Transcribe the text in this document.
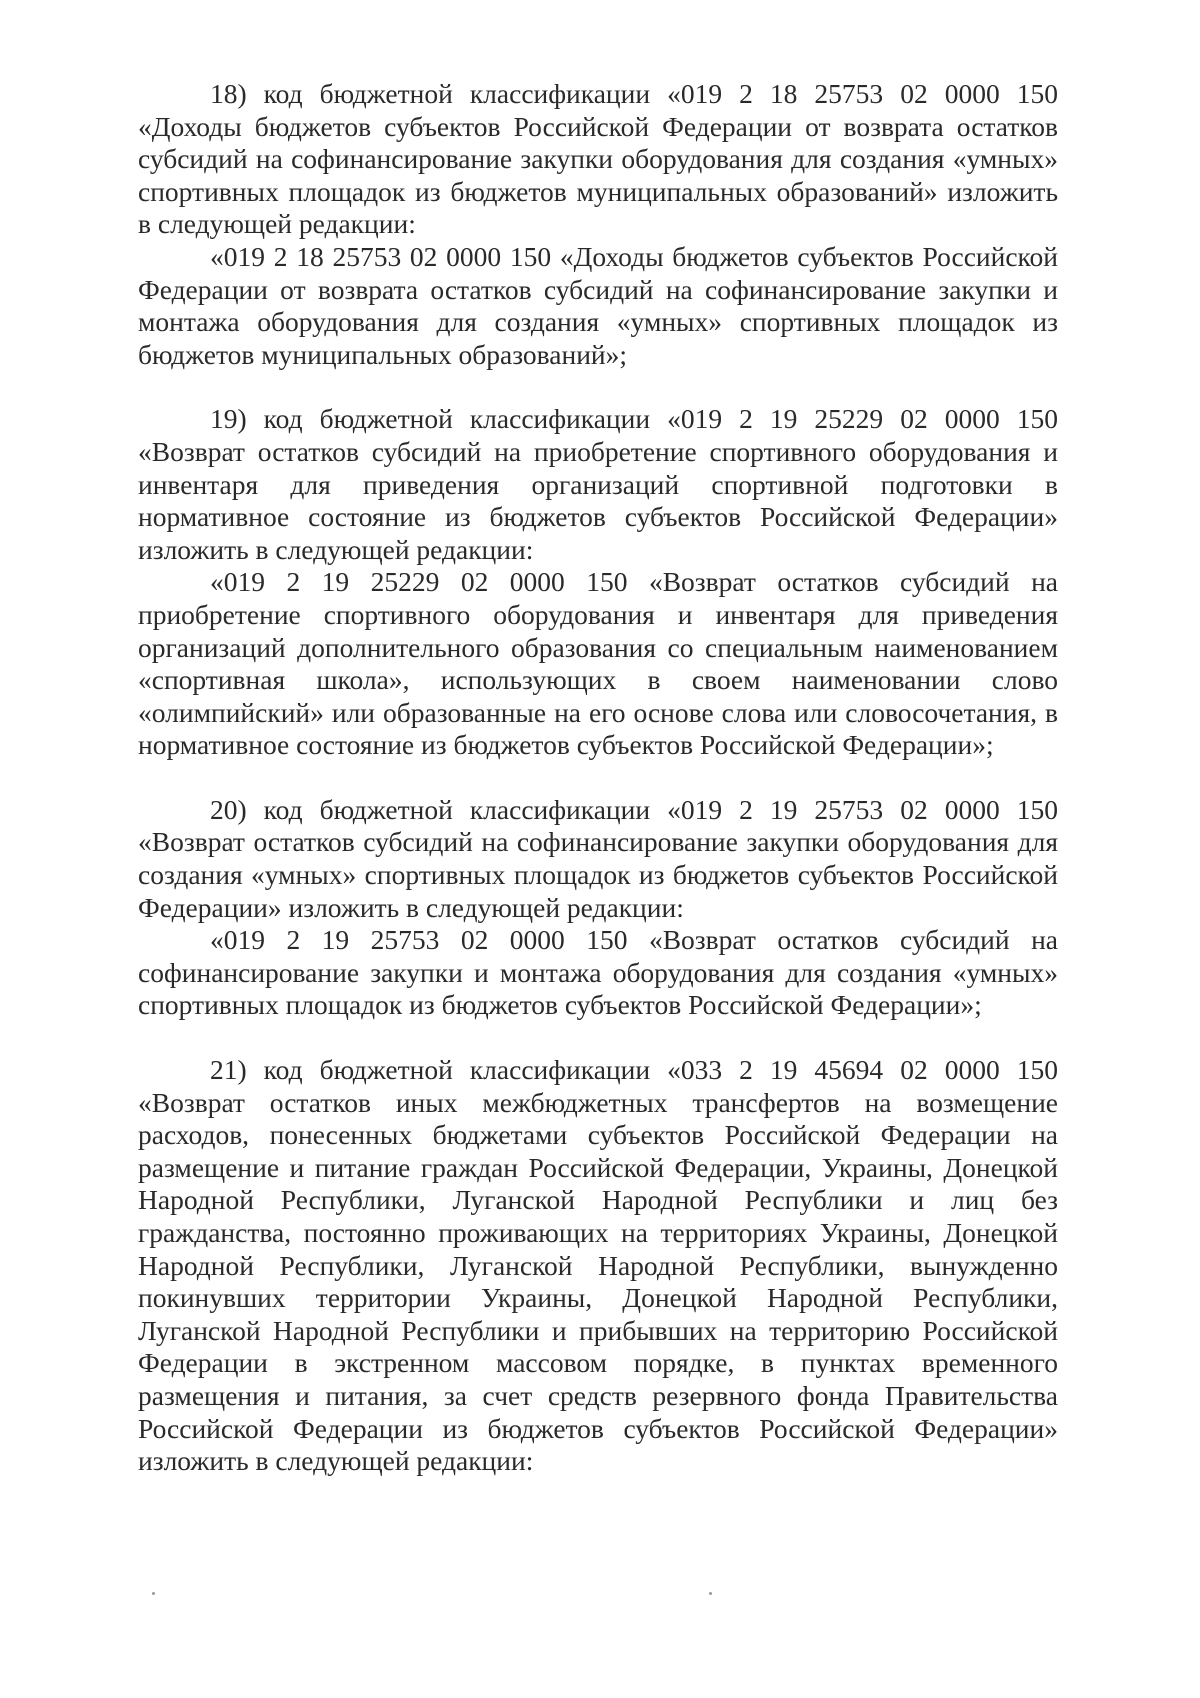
18) код бюджетной классификации «019 2 18 25753 02 0000 150 «Доходы бюджетов субъектов Российской Федерации от возврата остатков субсидий на софинансирование закупки оборудования для создания «умных» спортивных площадок из бюджетов муниципальных образований» изложить в следующей редакции:

«019 2 18 25753 02 0000 150 «Доходы бюджетов субъектов Российской Федерации от возврата остатков субсидий на софинансирование закупки и монтажа оборудования для создания «умных» спортивных площадок из бюджетов муниципальных образований»;

19) код бюджетной классификации «019 2 19 25229 02 0000 150 «Возврат остатков субсидий на приобретение спортивного оборудования и инвентаря для приведения организаций спортивной подготовки в нормативное состояние из бюджетов субъектов Российской Федерации» изложить в следующей редакции:

«019 2 19 25229 02 0000 150 «Возврат остатков субсидий на приобретение спортивного оборудования и инвентаря для приведения организаций дополнительного образования со специальным наименованием «спортивная школа», использующих в своем наименовании слово «олимпийский» или образованные на его основе слова или словосочетания, в нормативное состояние из бюджетов субъектов Российской Федерации»;

20) код бюджетной классификации «019 2 19 25753 02 0000 150 «Возврат остатков субсидий на софинансирование закупки оборудования для создания «умных» спортивных площадок из бюджетов субъектов Российской Федерации» изложить в следующей редакции:

«019 2 19 25753 02 0000 150 «Возврат остатков субсидий на софинансирование закупки и монтажа оборудования для создания «умных» спортивных площадок из бюджетов субъектов Российской Федерации»;

21) код бюджетной классификации «033 2 19 45694 02 0000 150 «Возврат остатков иных межбюджетных трансфертов на возмещение расходов, понесенных бюджетами субъектов Российской Федерации на размещение и питание граждан Российской Федерации, Украины, Донецкой Народной Республики, Луганской Народной Республики и лиц без гражданства, постоянно проживающих на территориях Украины, Донецкой Народной Республики, Луганской Народной Республики, вынужденно покинувших территории Украины, Донецкой Народной Республики, Луганской Народной Республики и прибывших на территорию Российской Федерации в экстренном массовом порядке, в пунктах временного размещения и питания, за счет средств резервного фонда Правительства Российской Федерации из бюджетов субъектов Российской Федерации» изложить в следующей редакции:
